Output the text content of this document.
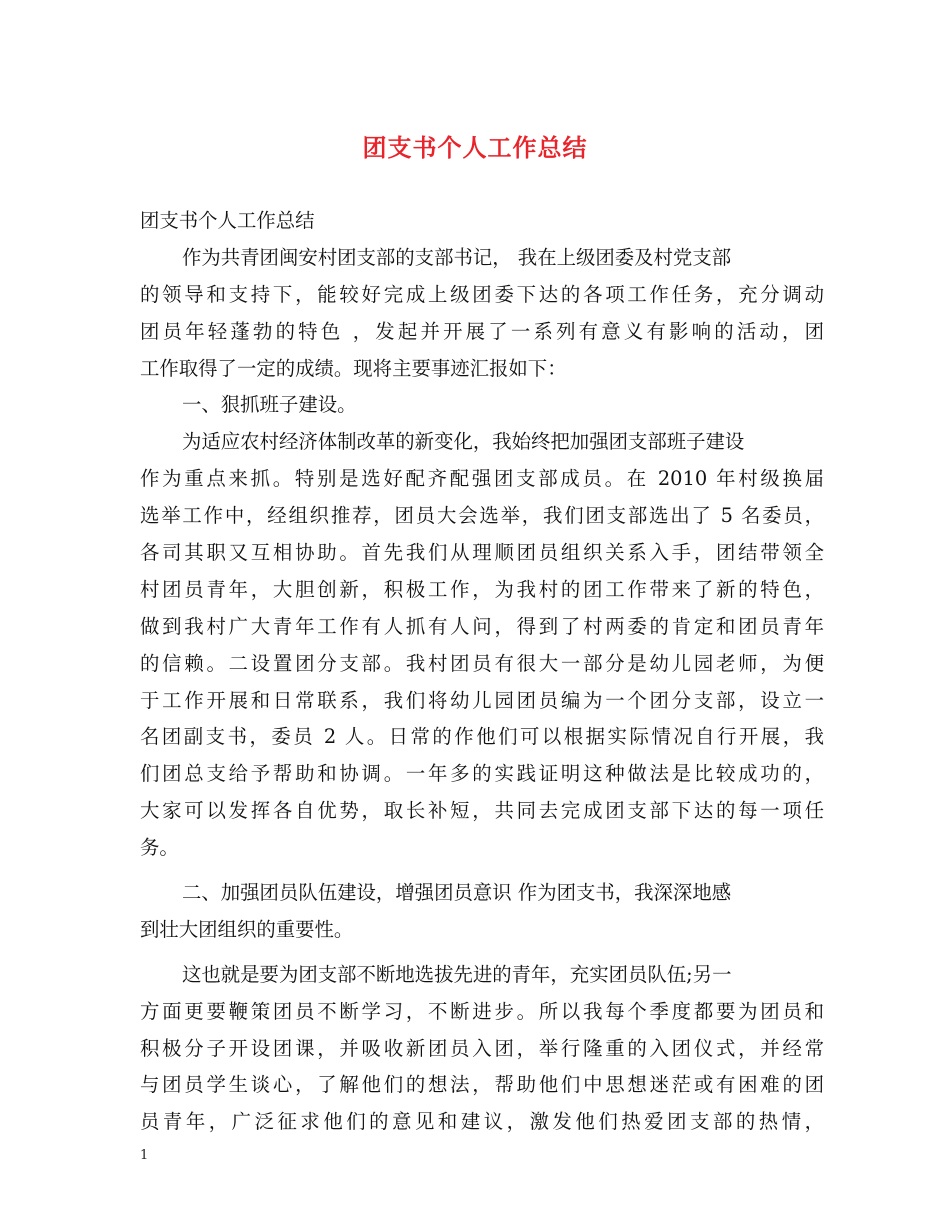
团支书个人工作总结
团支书个人工作总结
作为共青团闽安村团支部的支部书记， 我在上级团委及村党支部
的领导和支持下，能较好完成上级团委下达的各项工作任务，充分调动
团员年轻蓬勃的特色 ，发起并开展了一系列有意义有影响的活动，团
工作取得了一定的成绩。现将主要事迹汇报如下：
一、狠抓班子建设。
为适应农村经济体制改革的新变化，我始终把加强团支部班子建设
作为重点来抓。特别是选好配齐配强团支部成员。在 2010 年村级换届
选举工作中，经组织推荐，团员大会选举，我们团支部选出了 5 名委员，
各司其职又互相协助。首先我们从理顺团员组织关系入手，团结带领全
村团员青年，大胆创新，积极工作，为我村的团工作带来了新的特色，
做到我村广大青年工作有人抓有人问，得到了村两委的肯定和团员青年
的信赖。二设置团分支部。我村团员有很大一部分是幼儿园老师，为便
于工作开展和日常联系，我们将幼儿园团员编为一个团分支部，设立一
名团副支书，委员 2 人。日常的作他们可以根据实际情况自行开展，我
们团总支给予帮助和协调。一年多的实践证明这种做法是比较成功的，
大家可以发挥各自优势，取长补短，共同去完成团支部下达的每一项任
务。
二、加强团员队伍建设，增强团员意识 作为团支书，我深深地感
到壮大团组织的重要性。
这也就是要为团支部不断地选拔先进的青年，充实团员队伍;另一
方面更要鞭策团员不断学习，不断进步。所以我每个季度都要为团员和
积极分子开设团课，并吸收新团员入团，举行隆重的入团仪式，并经常
与团员学生谈心，了解他们的想法，帮助他们中思想迷茫或有困难的团
员青年，广泛征求他们的意见和建议，激发他们热爱团支部的热情，
1
